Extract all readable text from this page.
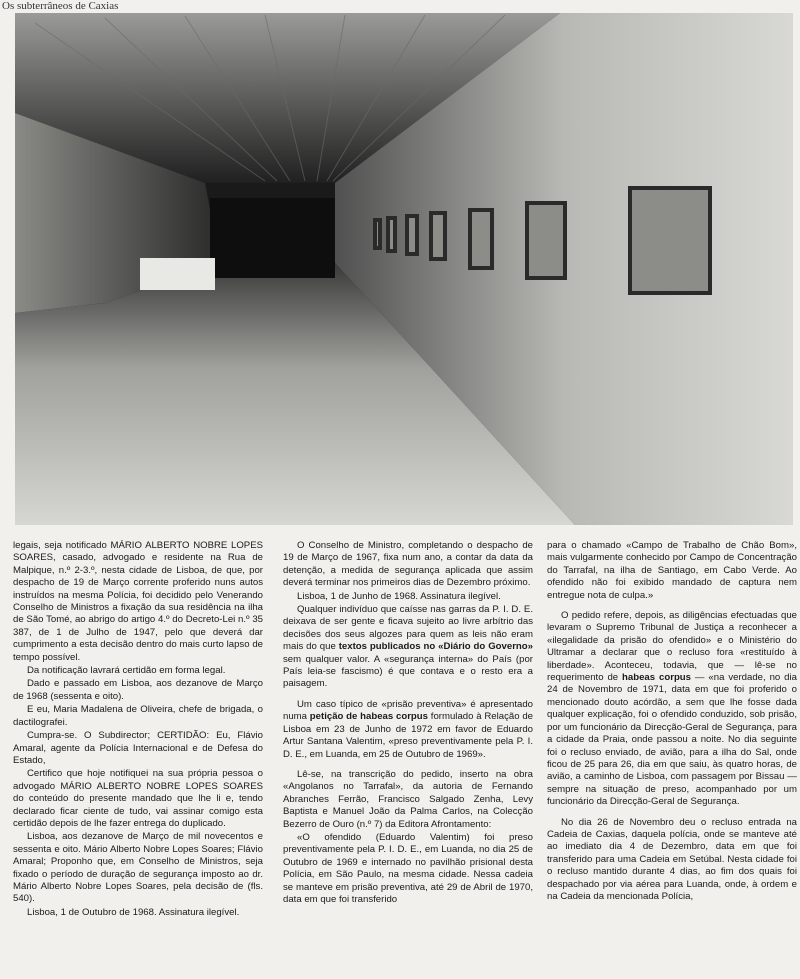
Os subterrâneos de Caxias

legais, seja notificado MÁRIO ALBERTO NOBRE LOPES SOARES, casado, advogado e residente na Rua de Malpique, n.º 2-3.º, nesta cidade de Lisboa, de que, por despacho de 19 de Março corrente proferido nuns autos instruídos na mesma Polícia, foi decidido pelo Venerando Conselho de Ministros a fixação da sua residência na ilha de São Tomé, ao abrigo do artigo 4.º do Decreto-Lei n.º 35 387, de 1 de Julho de 1947, pelo que deverá dar cumprimento a esta decisão dentro do mais curto lapso de tempo possível.

Da notificação lavrará certidão em forma legal.

Dado e passado em Lisboa, aos dezanove de Março de 1968 (sessenta e oito).

E eu, Maria Madalena de Oliveira, chefe de brigada, o dactilografei.

Cumpra-se. O Subdirector; CERTIDÃO: Eu, Flávio Amaral, agente da Polícia Internacional e de Defesa do Estado,

Certifico que hoje notifiquei na sua própria pessoa o advogado MÁRIO ALBERTO NOBRE LOPES SOARES do conteúdo do presente mandado que lhe li e, tendo declarado ficar ciente de tudo, vai assinar comigo esta certidão depois de lhe fazer entrega do duplicado.

Lisboa, aos dezanove de Março de mil novecentos e sessenta e oito. Mário Alberto Nobre Lopes Soares; Flávio Amaral; Proponho que, em Conselho de Ministros, seja fixado o período de duração de segurança imposto ao dr. Mário Alberto Nobre Lopes Soares, pela decisão de (fls. 540).

Lisboa, 1 de Outubro de 1968. Assinatura ilegível.

O Conselho de Ministro, completando o despacho de 19 de Março de 1967, fixa num ano, a contar da data da detenção, a medida de segurança aplicada que assim deverá terminar nos primeiros dias de Dezembro próximo.

Lisboa, 1 de Junho de 1968. Assinatura ilegível.

Qualquer indivíduo que caísse nas garras da P. I. D. E. deixava de ser gente e ficava sujeito ao livre arbítrio das decisões dos seus algozes para quem as leis não eram mais do que textos publicados no «Diário do Governo» sem qualquer valor. A «segurança interna» do País (por País leia-se fascismo) é que contava e o resto era a paisagem.

Um caso típico de «prisão preventiva» é apresentado numa petição de habeas corpus formulado à Relação de Lisboa em 23 de Junho de 1972 em favor de Eduardo Artur Santana Valentim, «preso preventivamente pela P. I. D. E., em Luanda, em 25 de Outubro de 1969».

Lê-se, na transcrição do pedido, inserto na obra «Angolanos no Tarrafal», da autoria de Fernando Abranches Ferrão, Francisco Salgado Zenha, Levy Baptista e Manuel João da Palma Carlos, na Colecção Bezerro de Ouro (n.º 7) da Editora Afrontamento:

«O ofendido (Eduardo Valentim) foi preso preventivamente pela P. I. D. E., em Luanda, no dia 25 de Outubro de 1969 e internado no pavilhão prisional desta Polícia, em São Paulo, na mesma cidade. Nessa cadeia se manteve em prisão preventiva, até 29 de Abril de 1970, data em que foi transferido

para o chamado «Campo de Trabalho de Chão Bom», mais vulgarmente conhecido por Campo de Concentração do Tarrafal, na ilha de Santiago, em Cabo Verde. Ao ofendido não foi exibido mandado de captura nem entregue nota de culpa.»

O pedido refere, depois, as diligências efectuadas que levaram o Supremo Tribunal de Justiça a reconhecer a «ilegalidade da prisão do ofendido» e o Ministério do Ultramar a declarar que o recluso fora «restituído à liberdade». Aconteceu, todavia, que — lê-se no requerimento de habeas corpus — «na verdade, no dia 24 de Novembro de 1971, data em que foi proferido o mencionado douto acórdão, a sem que lhe fosse dada qualquer explicação, foi o ofendido conduzido, sob prisão, por um funcionário da Direcção-Geral de Segurança, para a cidade da Praia, onde passou a noite. No dia seguinte foi o recluso enviado, de avião, para a ilha do Sal, onde ficou de 25 para 26, dia em que saiu, às quatro horas, de avião, a caminho de Lisboa, com passagem por Bissau — sempre na situação de preso, acompanhado por um funcionário da Direcção-Geral de Segurança.

No dia 26 de Novembro deu o recluso entrada na Cadeia de Caxias, daquela polícia, onde se manteve até ao imediato dia 4 de Dezembro, data em que foi transferido para uma Cadeia em Setúbal. Nesta cidade foi o recluso mantido durante 4 dias, ao fim dos quais foi despachado por via aérea para Luanda, onde, à ordem e na Cadeia da mencionada Polícia,
